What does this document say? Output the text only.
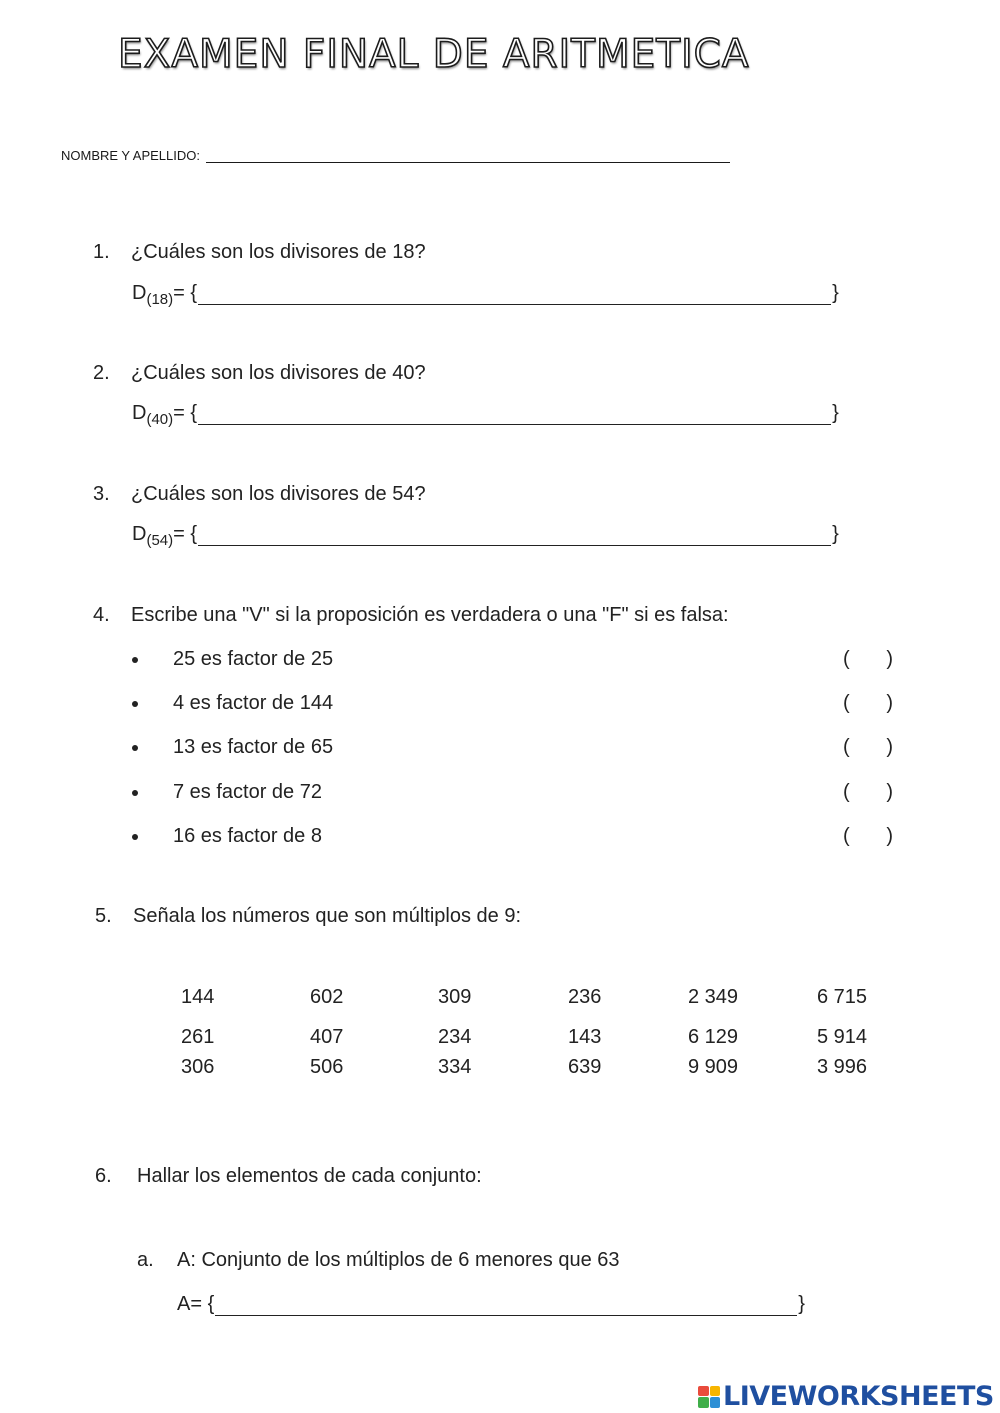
EXAMEN FINAL DE ARITMETICA
NOMBRE Y APELLIDO:
1. ¿Cuáles son los divisores de 18?
D (18) = {	}
2. ¿Cuáles son los divisores de 40?
D (40) = {	}
3. ¿Cuáles son los divisores de 54?
D (54) = {	}
4. Escribe una "V" si la proposición es verdadera o una "F" si es falsa:
25 es factor de 25	( )
4 es factor de 144	( )
13 es factor de 65	( )
7 es factor de 72	( )
16 es factor de 8	( )
5. Señala los números que son múltiplos de 9:
144	602	309	236	2 349	6 715
261	407	234	143	6 129	5 914
306	506	334	639	9 909	3 996
6. Hallar los elementos de cada conjunto:
a. A: Conjunto de los múltiplos de 6 menores que 63
A = {	}
LIVEWORKSHEETS
